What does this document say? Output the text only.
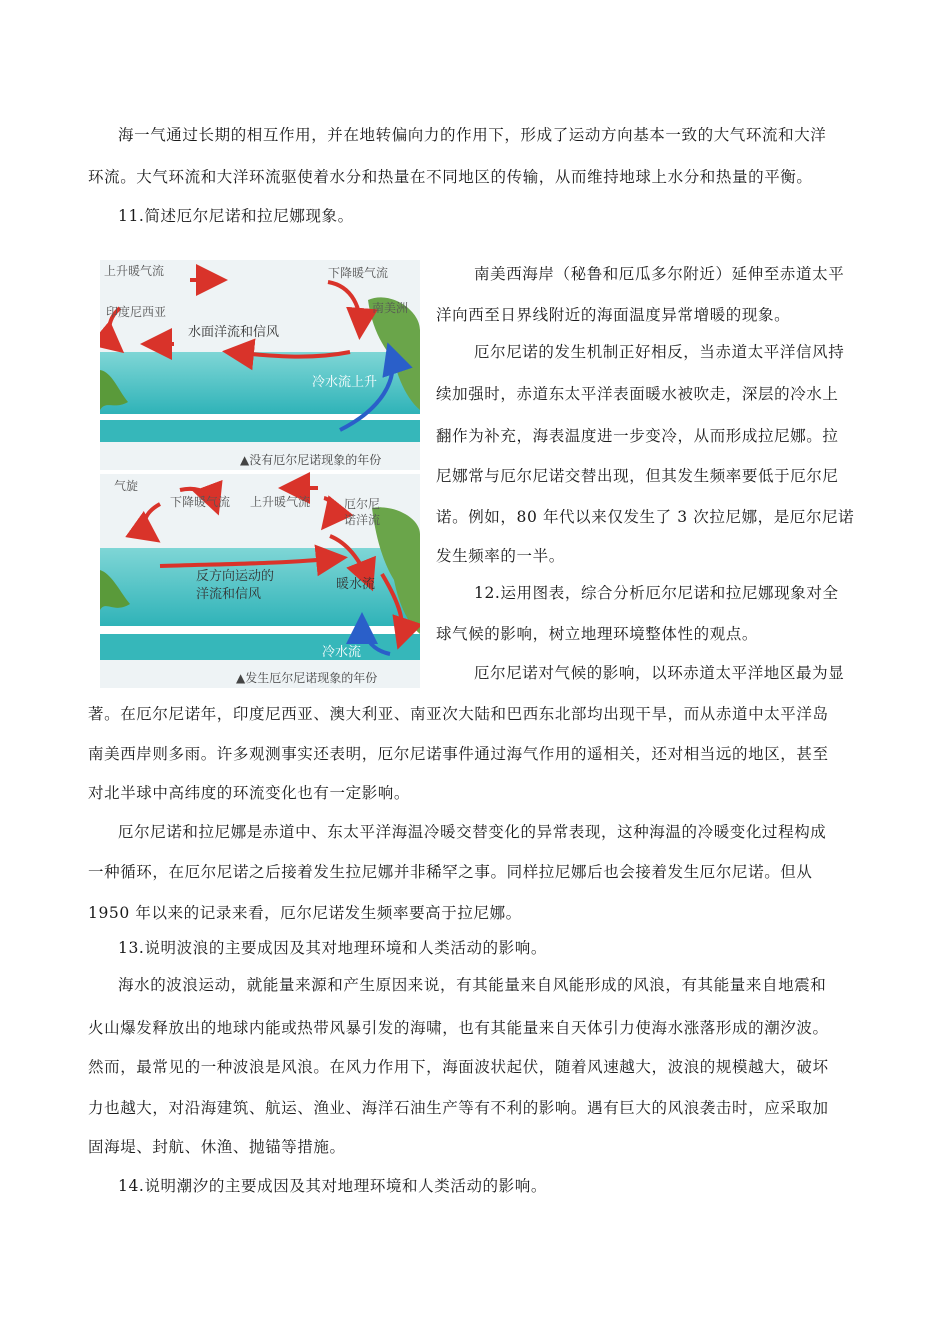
海一气通过长期的相互作用，并在地转偏向力的作用下，形成了运动方向基本一致的大气环流和大洋
环流。大气环流和大洋环流驱使着水分和热量在不同地区的传输，从而维持地球上水分和热量的平衡。
11.简述厄尔尼诺和拉尼娜现象。
上升暖气流	下降暖气流
印度尼西亚	南美洲
水面洋流和信风
冷水流上升
▲没有厄尔尼诺现象的年份
气旋
下降暖气流 上升暖气流	厄尔尼
诺洋流
反方向运动的
洋流和信风
暖水流
冷水流
▲发生厄尔尼诺现象的年份
南美西海岸（秘鲁和厄瓜多尔附近）延伸至赤道太平
洋向西至日界线附近的海面温度异常增暖的现象。
厄尔尼诺的发生机制正好相反，当赤道太平洋信风持
续加强时，赤道东太平洋表面暖水被吹走，深层的冷水上
翻作为补充，海表温度进一步变冷，从而形成拉尼娜。拉
尼娜常与厄尔尼诺交替出现，但其发生频率要低于厄尔尼
诺。例如，80 年代以来仅发生了 3 次拉尼娜，是厄尔尼诺
发生频率的一半。
12.运用图表，综合分析厄尔尼诺和拉尼娜现象对全
球气候的影响，树立地理环境整体性的观点。
厄尔尼诺对气候的影响，以环赤道太平洋地区最为显
著。在厄尔尼诺年，印度尼西亚、澳大利亚、南亚次大陆和巴西东北部均出现干旱，而从赤道中太平洋岛
南美西岸则多雨。许多观测事实还表明，厄尔尼诺事件通过海气作用的遥相关，还对相当远的地区，甚至
对北半球中高纬度的环流变化也有一定影响。
厄尔尼诺和拉尼娜是赤道中、东太平洋海温冷暖交替变化的异常表现，这种海温的冷暖变化过程构成
一种循环，在厄尔尼诺之后接着发生拉尼娜并非稀罕之事。同样拉尼娜后也会接着发生厄尔尼诺。但从
1950 年以来的记录来看，厄尔尼诺发生频率要高于拉尼娜。
13.说明波浪的主要成因及其对地理环境和人类活动的影响。
海水的波浪运动，就能量来源和产生原因来说，有其能量来自风能形成的风浪，有其能量来自地震和
火山爆发释放出的地球内能或热带风暴引发的海啸，也有其能量来自天体引力使海水涨落形成的潮汐波。
然而，最常见的一种波浪是风浪。在风力作用下，海面波状起伏，随着风速越大，波浪的规模越大，破坏
力也越大，对沿海建筑、航运、渔业、海洋石油生产等有不利的影响。遇有巨大的风浪袭击时，应采取加
固海堤、封航、休渔、抛锚等措施。
14.说明潮汐的主要成因及其对地理环境和人类活动的影响。
